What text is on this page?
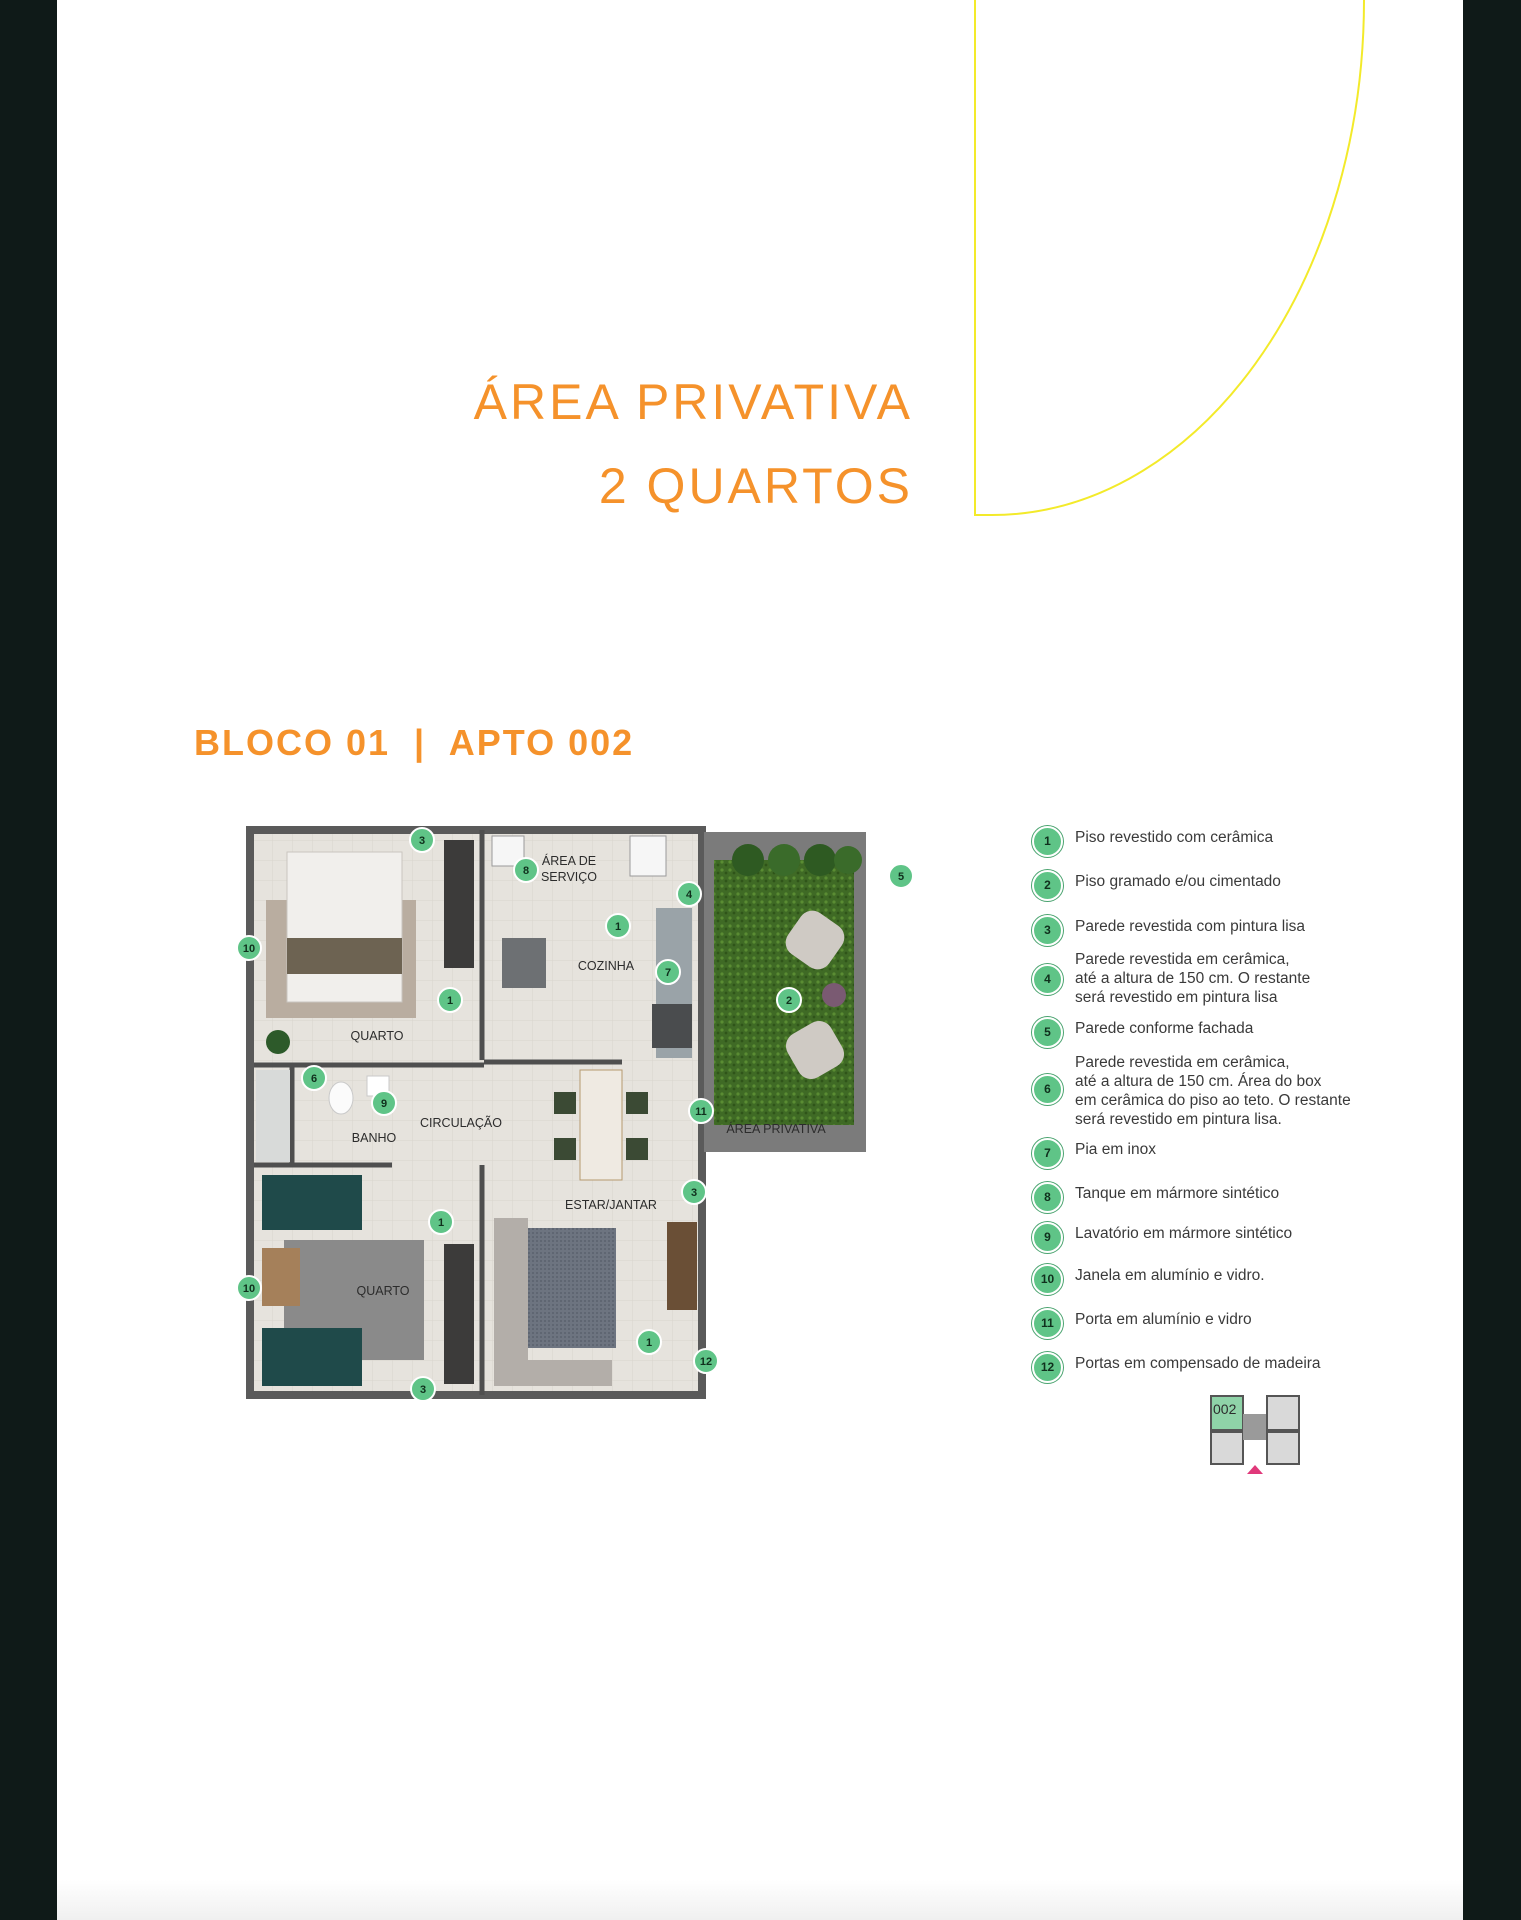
ÁREA PRIVATIVA
2 QUARTOS
BLOCO 01  |  APTO 002
ÁREA DE SERVIÇO
COZINHA
QUARTO
BANHO
CIRCULAÇÃO
ESTAR/JANTAR
QUARTO
ÁREA PRIVATIVA
3
8
4
5
10
1
7
2
1
6
9
11
3
1
10
1
12
3
1	Piso revestido com cerâmica
2	Piso gramado e/ou cimentado
3	Parede revestida com pintura lisa
4
Parede revestida em cerâmica,
até a altura de 150 cm. O restante
será revestido em pintura lisa
5	Parede conforme fachada
6
Parede revestida em cerâmica,
até a altura de 150 cm. Área do box
em cerâmica do piso ao teto. O restante
será revestido em pintura lisa.
7	Pia em inox
8	Tanque em mármore sintético
9	Lavatório em mármore sintético
10	Janela em alumínio e vidro.
11	Porta em alumínio e vidro
12	Portas em compensado de madeira
002
